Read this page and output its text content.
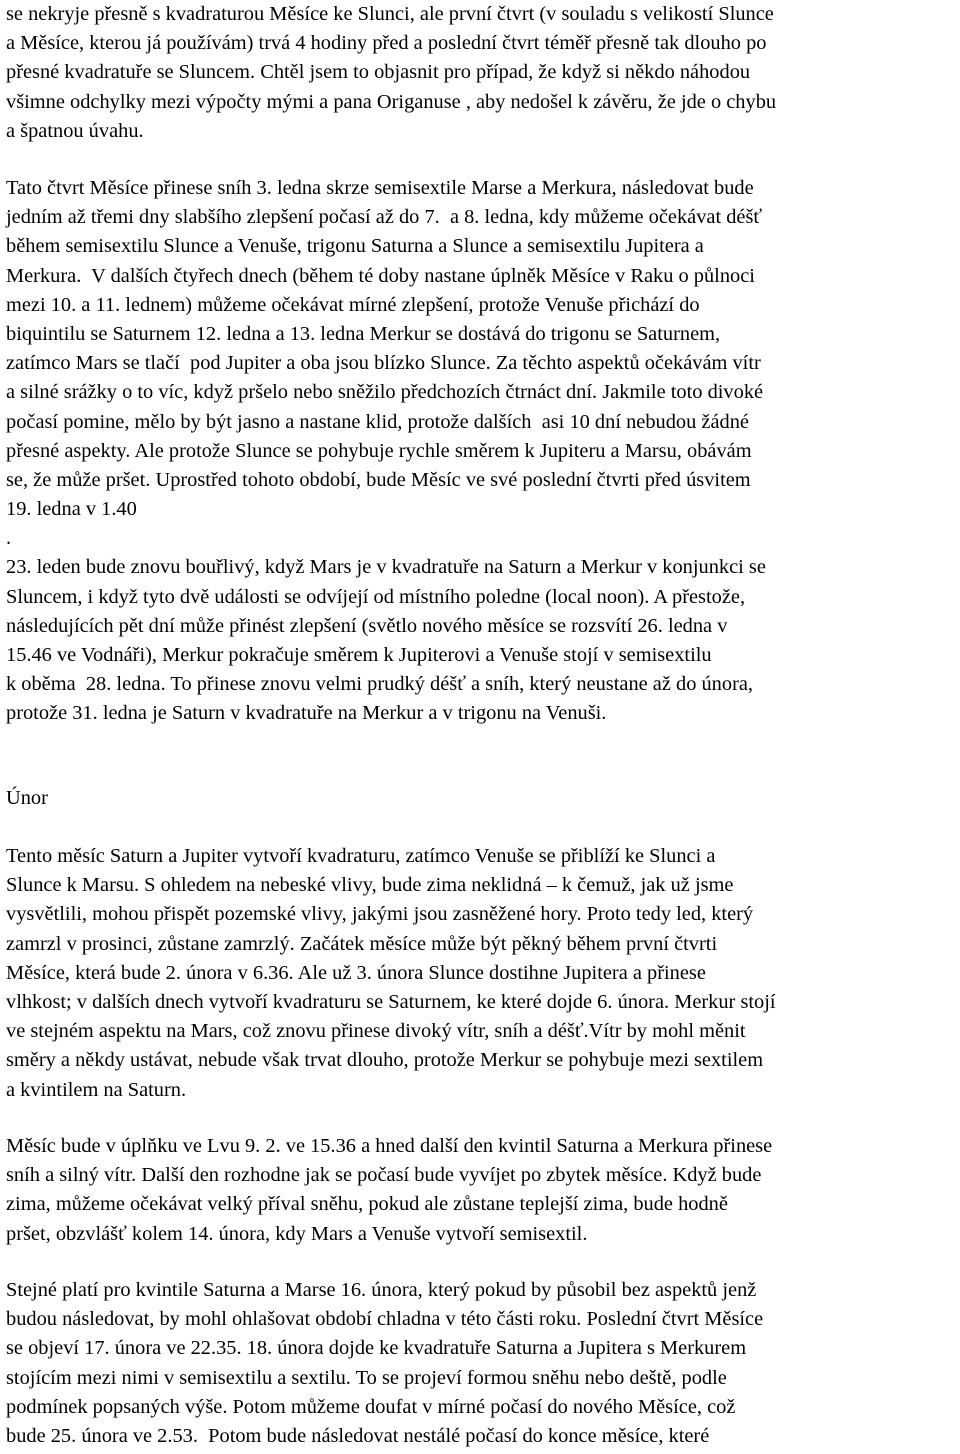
se nekryje přesně s kvadraturou Měsíce ke Slunci, ale první čtvrt (v souladu s velikostí Slunce
a Měsíce, kterou já používám) trvá 4 hodiny před a poslední čtvrt téměř přesně tak dlouho po
přesné kvadratuře se Sluncem. Chtěl jsem to objasnit pro případ, že když si někdo náhodou
všimne odchylky mezi výpočty mými a pana Origanuse , aby nedošel k závěru, že jde o chybu
a špatnou úvahu.
Tato čtvrt Měsíce přinese sníh 3. ledna skrze semisextile Marse a Merkura, následovat bude
jedním až třemi dny slabšího zlepšení počasí až do 7.  a 8. ledna, kdy můžeme očekávat déšť
během semisextilu Slunce a Venuše, trigonu Saturna a Slunce a semisextilu Jupitera a
Merkura.  V dalších čtyřech dnech (během té doby nastane úplněk Měsíce v Raku o půlnoci
mezi 10. a 11. lednem) můžeme očekávat mírné zlepšení, protože Venuše přichází do
biquintilu se Saturnem 12. ledna a 13. ledna Merkur se dostává do trigonu se Saturnem,
zatímco Mars se tlačí  pod Jupiter a oba jsou blízko Slunce. Za těchto aspektů očekávám vítr
a silné srážky o to víc, když pršelo nebo sněžilo předchozích čtrnáct dní. Jakmile toto divoké
počasí pomine, mělo by být jasno a nastane klid, protože dalších  asi 10 dní nebudou žádné
přesné aspekty. Ale protože Slunce se pohybuje rychle směrem k Jupiteru a Marsu, obávám
se, že může pršet. Uprostřed tohoto období, bude Měsíc ve své poslední čtvrti před úsvitem
19. ledna v 1.40
.
23. leden bude znovu bouřlivý, když Mars je v kvadratuře na Saturn a Merkur v konjunkci se
Sluncem, i když tyto dvě události se odvíjejí od místního poledne (local noon). A přestože,
následujících pět dní může přinést zlepšení (světlo nového měsíce se rozsvítí 26. ledna v
15.46 ve Vodnáři), Merkur pokračuje směrem k Jupiterovi a Venuše stojí v semisextilu
k oběma  28. ledna. To přinese znovu velmi prudký déšť a sníh, který neustane až do února,
protože 31. ledna je Saturn v kvadratuře na Merkur a v trigonu na Venuši.
Únor
Tento měsíc Saturn a Jupiter vytvoří kvadraturu, zatímco Venuše se přiblíží ke Slunci a
Slunce k Marsu. S ohledem na nebeské vlivy, bude zima neklidná – k čemuž, jak už jsme
vysvětlili, mohou přispět pozemské vlivy, jakými jsou zasněžené hory. Proto tedy led, který
zamrzl v prosinci, zůstane zamrzlý. Začátek měsíce může být pěkný během první čtvrti
Měsíce, která bude 2. února v 6.36. Ale už 3. února Slunce dostihne Jupitera a přinese
vlhkost; v dalších dnech vytvoří kvadraturu se Saturnem, ke které dojde 6. února. Merkur stojí
ve stejném aspektu na Mars, což znovu přinese divoký vítr, sníh a déšť.Vítr by mohl měnit
směry a někdy ustávat, nebude však trvat dlouho, protože Merkur se pohybuje mezi sextilem
a kvintilem na Saturn.
Měsíc bude v úplňku ve Lvu 9. 2. ve 15.36 a hned další den kvintil Saturna a Merkura přinese
sníh a silný vítr. Další den rozhodne jak se počasí bude vyvíjet po zbytek měsíce. Když bude
zima, můžeme očekávat velký příval sněhu, pokud ale zůstane teplejší zima, bude hodně
pršet, obzvlášť kolem 14. února, kdy Mars a Venuše vytvoří semisextil.
Stejné platí pro kvintile Saturna a Marse 16. února, který pokud by působil bez aspektů jenž
budou následovat, by mohl ohlašovat období chladna v této části roku. Poslední čtvrt Měsíce
se objeví 17. února ve 22.35. 18. února dojde ke kvadratuře Saturna a Jupitera s Merkurem
stojícím mezi nimi v semisextilu a sextilu. To se projeví formou sněhu nebo deště, podle
podmínek popsaných výše. Potom můžeme doufat v mírné počasí do nového Měsíce, což
bude 25. února ve 2.53.  Potom bude následovat nestálé počasí do konce měsíce, které
